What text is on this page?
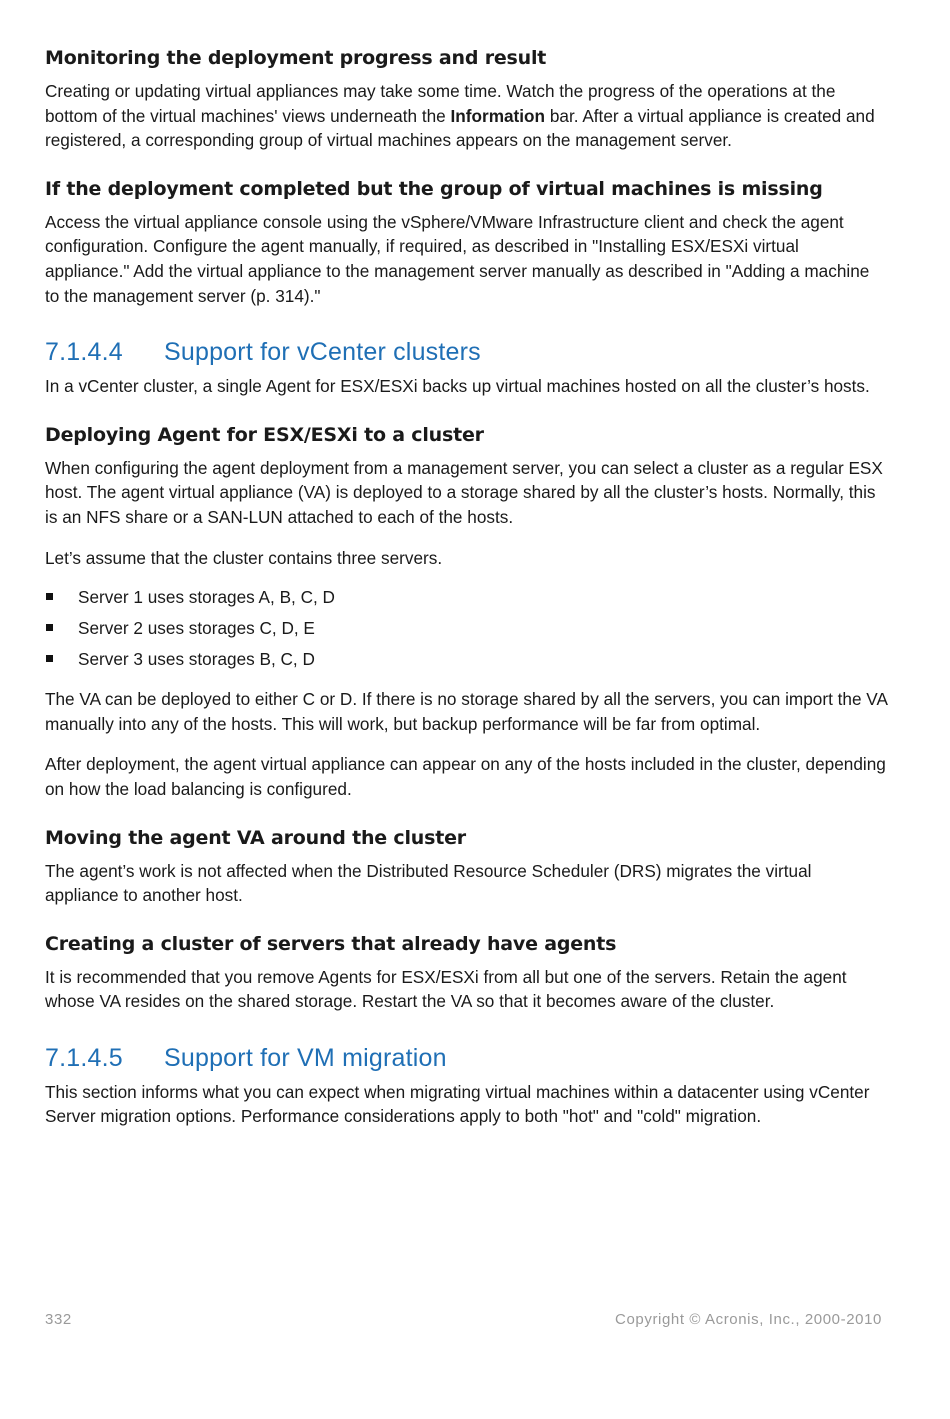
Monitoring the deployment progress and result

Creating or updating virtual appliances may take some time. Watch the progress of the operations at the bottom of the virtual machines' views underneath the Information bar. After a virtual appliance is created and registered, a corresponding group of virtual machines appears on the management server.

If the deployment completed but the group of virtual machines is missing

Access the virtual appliance console using the vSphere/VMware Infrastructure client and check the agent configuration. Configure the agent manually, if required, as described in "Installing ESX/ESXi virtual appliance." Add the virtual appliance to the management server manually as described in "Adding a machine to the management server (p. 314)."

7.1.4.4 Support for vCenter clusters

In a vCenter cluster, a single Agent for ESX/ESXi backs up virtual machines hosted on all the cluster’s hosts.

Deploying Agent for ESX/ESXi to a cluster

When configuring the agent deployment from a management server, you can select a cluster as a regular ESX host. The agent virtual appliance (VA) is deployed to a storage shared by all the cluster’s hosts. Normally, this is an NFS share or a SAN-LUN attached to each of the hosts.

Let’s assume that the cluster contains three servers.

Server 1 uses storages A, B, C, D
Server 2 uses storages C, D, E
Server 3 uses storages B, C, D

The VA can be deployed to either C or D. If there is no storage shared by all the servers, you can import the VA manually into any of the hosts. This will work, but backup performance will be far from optimal.

After deployment, the agent virtual appliance can appear on any of the hosts included in the cluster, depending on how the load balancing is configured.

Moving the agent VA around the cluster

The agent’s work is not affected when the Distributed Resource Scheduler (DRS) migrates the virtual appliance to another host.

Creating a cluster of servers that already have agents

It is recommended that you remove Agents for ESX/ESXi from all but one of the servers. Retain the agent whose VA resides on the shared storage. Restart the VA so that it becomes aware of the cluster.

7.1.4.5 Support for VM migration

This section informs what you can expect when migrating virtual machines within a datacenter using vCenter Server migration options. Performance considerations apply to both "hot" and "cold" migration.

332	Copyright © Acronis, Inc., 2000-2010
